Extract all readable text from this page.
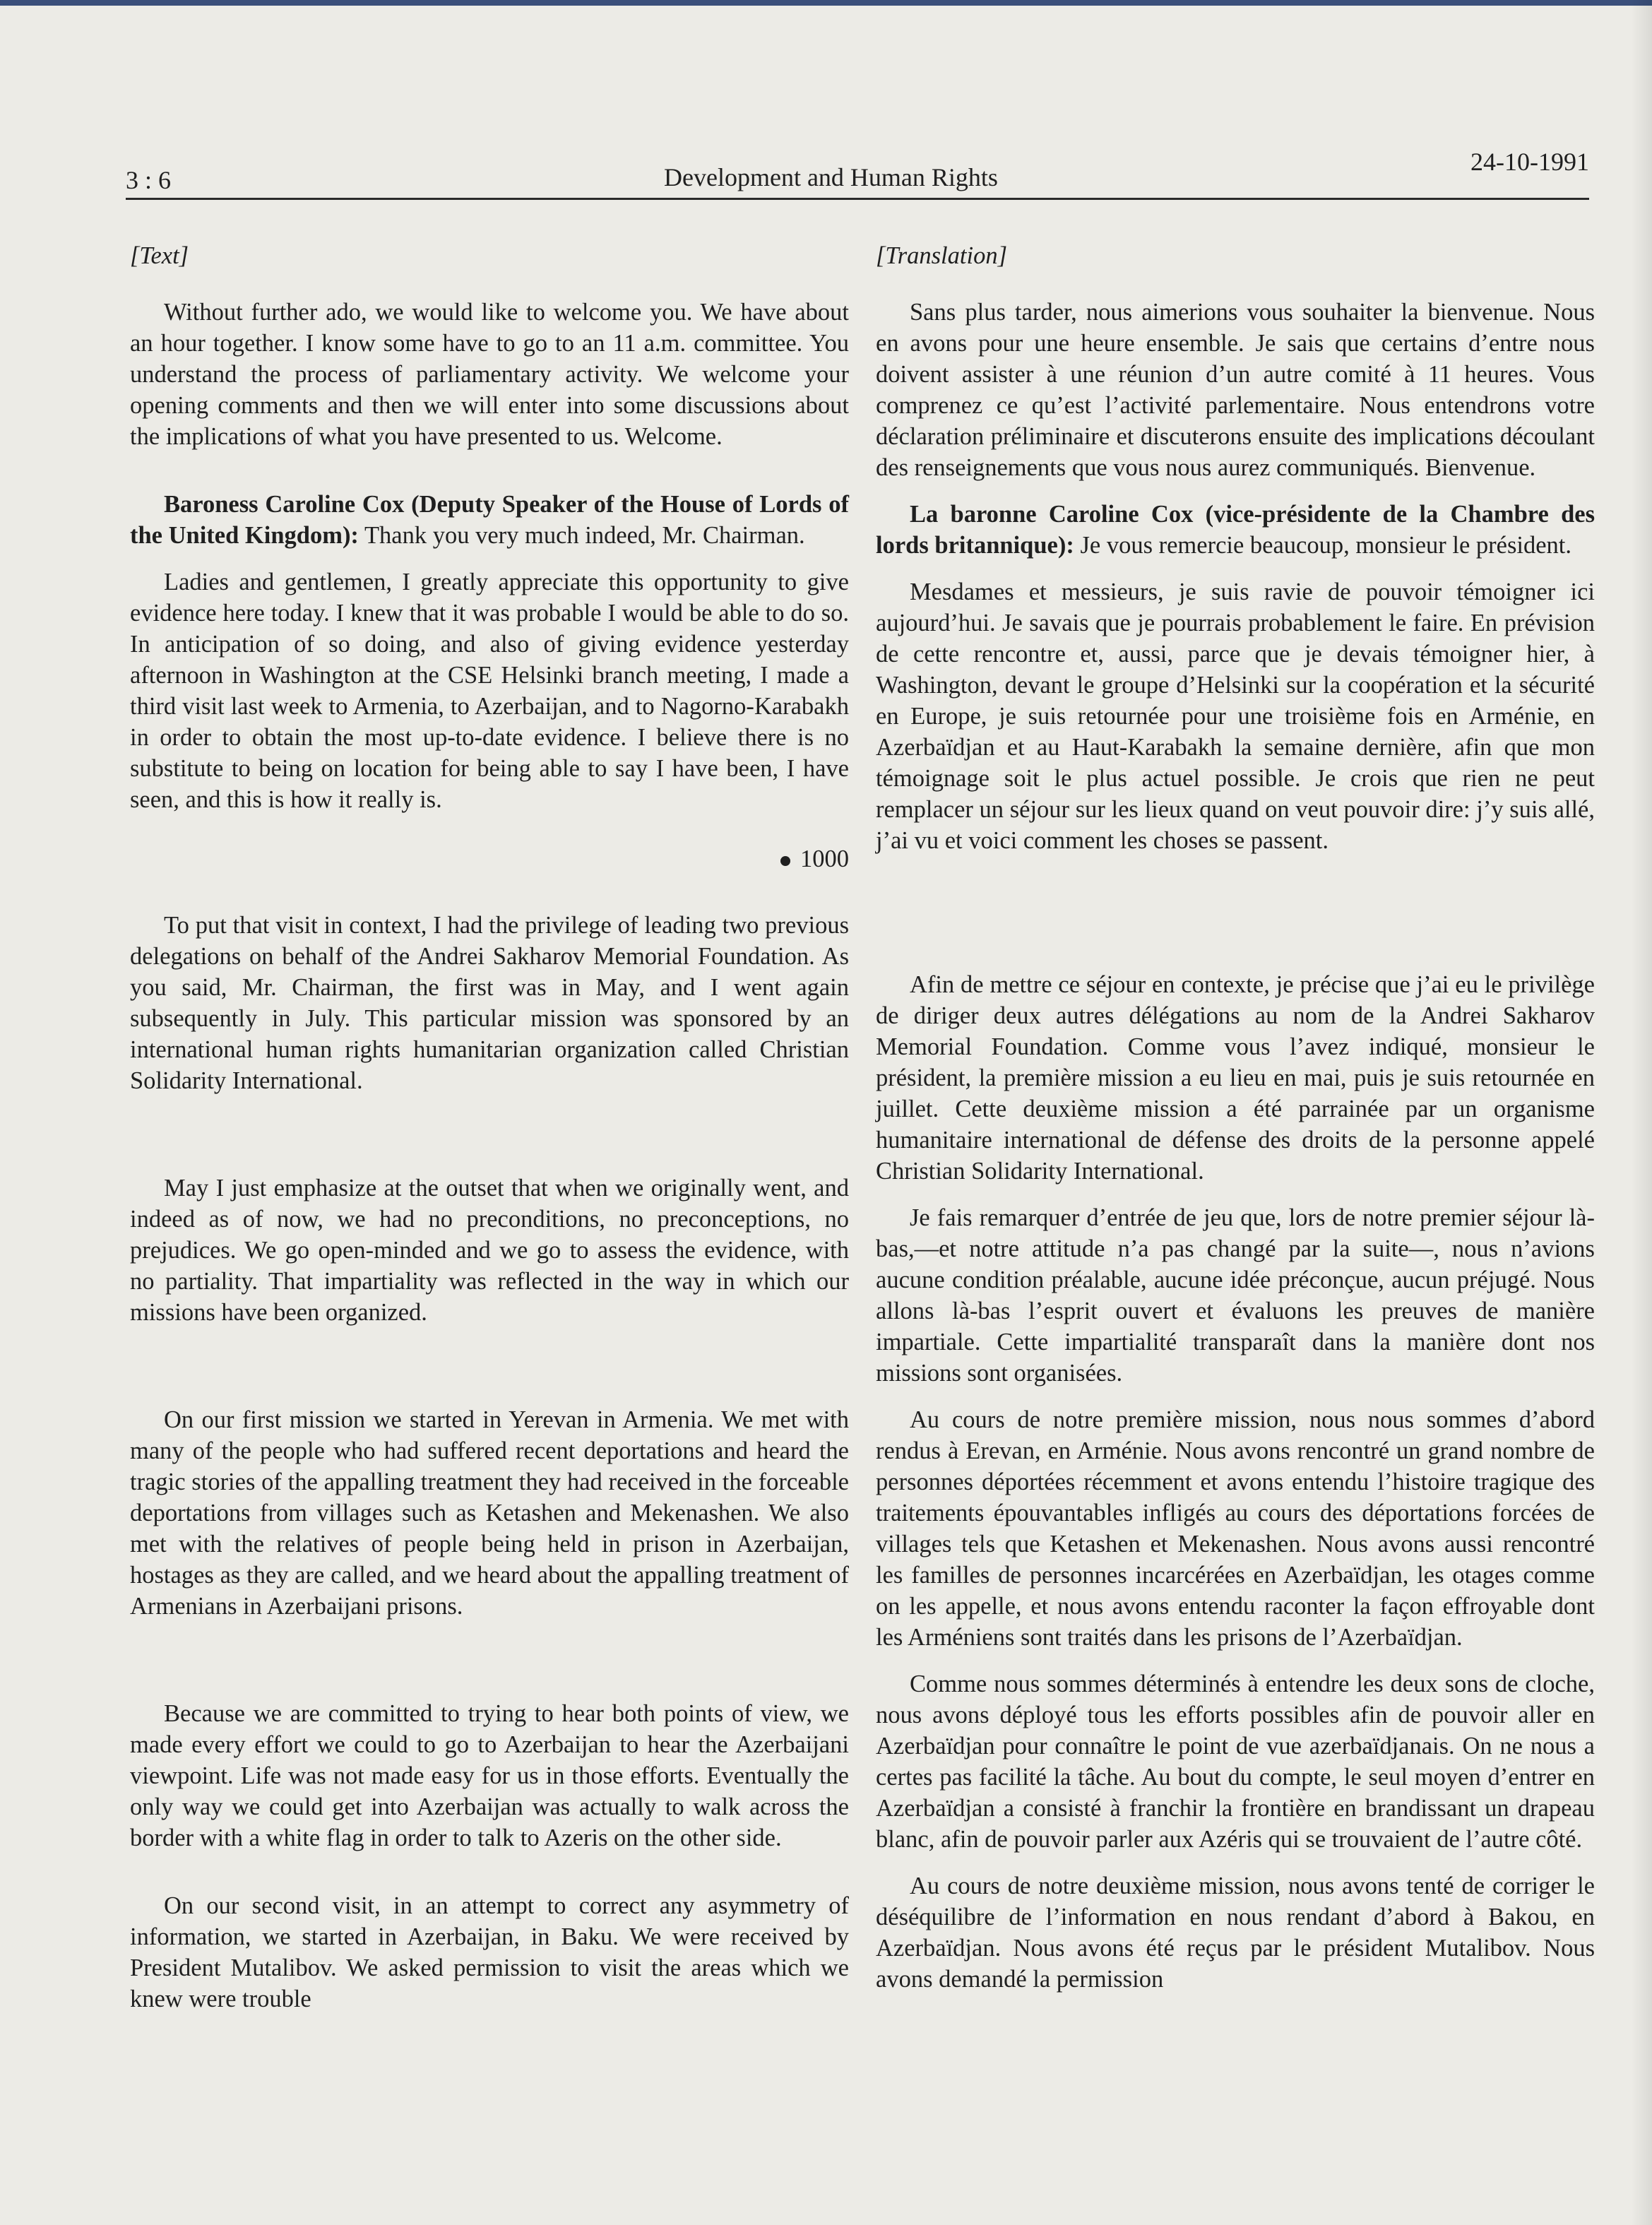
3 : 6	Development and Human Rights
24-10-1991

[Text]

Without further ado, we would like to welcome you. We have about an hour together. I know some have to go to an 11 a.m. committee. You understand the process of parliamentary activity. We welcome your opening comments and then we will enter into some discussions about the implications of what you have presented to us. Welcome.

Baroness Caroline Cox (Deputy Speaker of the House of Lords of the United Kingdom): Thank you very much indeed, Mr. Chairman.

Ladies and gentlemen, I greatly appreciate this opportunity to give evidence here today. I knew that it was probable I would be able to do so. In anticipation of so doing, and also of giving evidence yesterday afternoon in Washington at the CSE Helsinki branch meeting, I made a third visit last week to Armenia, to Azerbaijan, and to Nagorno-Karabakh in order to obtain the most up-to-date evidence. I believe there is no substitute to being on location for being able to say I have been, I have seen, and this is how it really is.

1000

To put that visit in context, I had the privilege of leading two previous delegations on behalf of the Andrei Sakharov Memorial Foundation. As you said, Mr. Chairman, the first was in May, and I went again subsequently in July. This particular mission was sponsored by an international human rights humanitarian organization called Christian Solidarity International.

May I just emphasize at the outset that when we originally went, and indeed as of now, we had no preconditions, no preconceptions, no prejudices. We go open-minded and we go to assess the evidence, with no partiality. That impartiality was reflected in the way in which our missions have been organized.

On our first mission we started in Yerevan in Armenia. We met with many of the people who had suffered recent deportations and heard the tragic stories of the appalling treatment they had received in the forceable deportations from villages such as Ketashen and Mekenashen. We also met with the relatives of people being held in prison in Azerbaijan, hostages as they are called, and we heard about the appalling treatment of Armenians in Azerbaijani prisons.

Because we are committed to trying to hear both points of view, we made every effort we could to go to Azerbaijan to hear the Azerbaijani viewpoint. Life was not made easy for us in those efforts. Eventually the only way we could get into Azerbaijan was actually to walk across the border with a white flag in order to talk to Azeris on the other side.

On our second visit, in an attempt to correct any asymmetry of information, we started in Azerbaijan, in Baku. We were received by President Mutalibov. We asked permission to visit the areas which we knew were trouble

[Translation]

Sans plus tarder, nous aimerions vous souhaiter la bienvenue. Nous en avons pour une heure ensemble. Je sais que certains d’entre nous doivent assister à une réunion d’un autre comité à 11 heures. Vous comprenez ce qu’est l’activité parlementaire. Nous entendrons votre déclaration préliminaire et discuterons ensuite des implications découlant des renseignements que vous nous aurez communiqués. Bienvenue.

La baronne Caroline Cox (vice-présidente de la Chambre des lords britannique): Je vous remercie beaucoup, monsieur le président.

Mesdames et messieurs, je suis ravie de pouvoir témoigner ici aujourd’hui. Je savais que je pourrais probablement le faire. En prévision de cette rencontre et, aussi, parce que je devais témoigner hier, à Washington, devant le groupe d’Helsinki sur la coopération et la sécurité en Europe, je suis retournée pour une troisième fois en Arménie, en Azerbaïdjan et au Haut-Karabakh la semaine dernière, afin que mon témoignage soit le plus actuel possible. Je crois que rien ne peut remplacer un séjour sur les lieux quand on veut pouvoir dire: j’y suis allé, j’ai vu et voici comment les choses se passent.

Afin de mettre ce séjour en contexte, je précise que j’ai eu le privilège de diriger deux autres délégations au nom de la Andrei Sakharov Memorial Foundation. Comme vous l’avez indiqué, monsieur le président, la première mission a eu lieu en mai, puis je suis retournée en juillet. Cette deuxième mission a été parrainée par un organisme humanitaire international de défense des droits de la personne appelé Christian Solidarity International.

Je fais remarquer d’entrée de jeu que, lors de notre premier séjour là-bas,—et notre attitude n’a pas changé par la suite—, nous n’avions aucune condition préalable, aucune idée préconçue, aucun préjugé. Nous allons là-bas l’esprit ouvert et évaluons les preuves de manière impartiale. Cette impartialité transparaît dans la manière dont nos missions sont organisées.

Au cours de notre première mission, nous nous sommes d’abord rendus à Erevan, en Arménie. Nous avons rencontré un grand nombre de personnes déportées récemment et avons entendu l’histoire tragique des traitements épouvantables infligés au cours des déportations forcées de villages tels que Ketashen et Mekenashen. Nous avons aussi rencontré les familles de personnes incarcérées en Azerbaïdjan, les otages comme on les appelle, et nous avons entendu raconter la façon effroyable dont les Arméniens sont traités dans les prisons de l’Azerbaïdjan.

Comme nous sommes déterminés à entendre les deux sons de cloche, nous avons déployé tous les efforts possibles afin de pouvoir aller en Azerbaïdjan pour connaître le point de vue azerbaïdjanais. On ne nous a certes pas facilité la tâche. Au bout du compte, le seul moyen d’entrer en Azerbaïdjan a consisté à franchir la frontière en brandissant un drapeau blanc, afin de pouvoir parler aux Azéris qui se trouvaient de l’autre côté.

Au cours de notre deuxième mission, nous avons tenté de corriger le déséquilibre de l’information en nous rendant d’abord à Bakou, en Azerbaïdjan. Nous avons été reçus par le président Mutalibov. Nous avons demandé la permission
